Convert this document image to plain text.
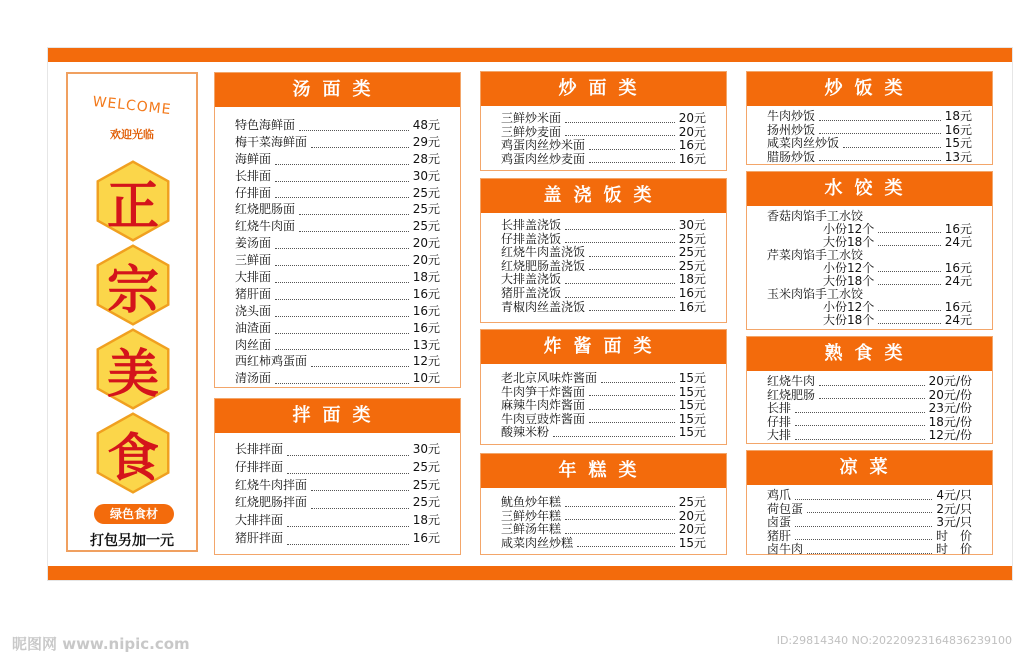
WELCOME
欢迎光临
正
宗
美
食
绿色食材
打包另加一元
汤面类
特色海鲜面	48元
梅干菜海鲜面	29元
海鲜面	28元
长排面	30元
仔排面	25元
红烧肥肠面	25元
红烧牛肉面	25元
姜汤面	20元
三鲜面	20元
大排面	18元
猪肝面	16元
浇头面	16元
油渣面	16元
肉丝面	13元
西红柿鸡蛋面	12元
清汤面	10元
拌面类
长排拌面	30元
仔排拌面	25元
红烧牛肉拌面	25元
红烧肥肠拌面	25元
大排拌面	18元
猪肝拌面	16元
炒面类
三鲜炒米面	20元
三鲜炒麦面	20元
鸡蛋肉丝炒米面	16元
鸡蛋肉丝炒麦面	16元
盖浇饭类
长排盖浇饭	30元
仔排盖浇饭	25元
红烧牛肉盖浇饭	25元
红烧肥肠盖浇饭	25元
大排盖浇饭	18元
猪肝盖浇饭	16元
青椒肉丝盖浇饭	16元
炸酱面类
老北京风味炸酱面	15元
牛肉笋干炸酱面	15元
麻辣牛肉炸酱面	15元
牛肉豆豉炸酱面	15元
酸辣米粉	15元
年糕类
鱿鱼炒年糕	25元
三鲜炒年糕	20元
三鲜汤年糕	20元
咸菜肉丝炒糕	15元
炒饭类
牛肉炒饭	18元
扬州炒饭	16元
咸菜肉丝炒饭	15元
腊肠炒饭	13元
水饺类
香菇肉馅手工水饺
小份12个	16元
大份18个	24元
芹菜肉馅手工水饺
小份12个	16元
大份18个	24元
玉米肉馅手工水饺
小份12个	16元
大份18个	24元
熟食类
红烧牛肉	20元/份
红烧肥肠	20元/份
长排	23元/份
仔排	18元/份
大排	12元/份
凉菜
鸡爪	4元/只
荷包蛋	2元/只
卤蛋	3元/只
猪肝	时　价
卤牛肉	时　价
昵图网 www.nipic.com	ID:29814340 NO:20220923164836239100
